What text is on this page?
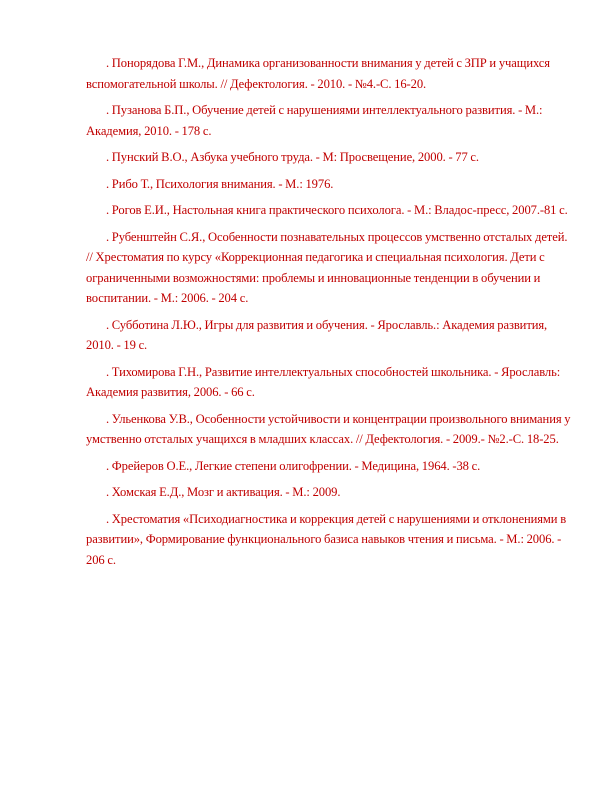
. Понорядова Г.М., Динамика организованности внимания у детей с ЗПР и учащихся вспомогательной школы. // Дефектология. - 2010. - №4.-С. 16-20.
. Пузанова Б.П., Обучение детей с нарушениями интеллектуального развития. - М.: Академия, 2010. - 178 с.
. Пунский В.О., Азбука учебного труда. - М: Просвещение, 2000. - 77 с.
. Рибо Т., Психология внимания. - М.: 1976.
. Рогов Е.И., Настольная книга практического психолога. - М.: Владос-пресс, 2007.-81 с.
. Рубенштейн С.Я., Особенности познавательных процессов умственно отсталых детей. // Хрестоматия по курсу «Коррекционная педагогика и специальная психология. Дети с ограниченными возможностями: проблемы и инновационные тенденции в обучении и воспитании. - М.: 2006. - 204 с.
. Субботина Л.Ю., Игры для развития и обучения. - Ярославль.: Академия развития, 2010. - 19 с.
. Тихомирова Г.Н., Развитие интеллектуальных способностей школьника. - Ярославль: Академия развития, 2006. - 66 с.
. Ульенкова У.В., Особенности устойчивости и концентрации произвольного внимания у умственно отсталых учащихся в младших классах. // Дефектология. - 2009.- №2.-С. 18-25.
. Фрейеров О.Е., Легкие степени олигофрении. - Медицина, 1964. -38 с.
. Хомская Е.Д., Мозг и активация. - М.: 2009.
. Хрестоматия «Психодиагностика и коррекция детей с нарушениями и отклонениями в развитии», Формирование функционального базиса навыков чтения и письма. - М.: 2006. - 206 с.
